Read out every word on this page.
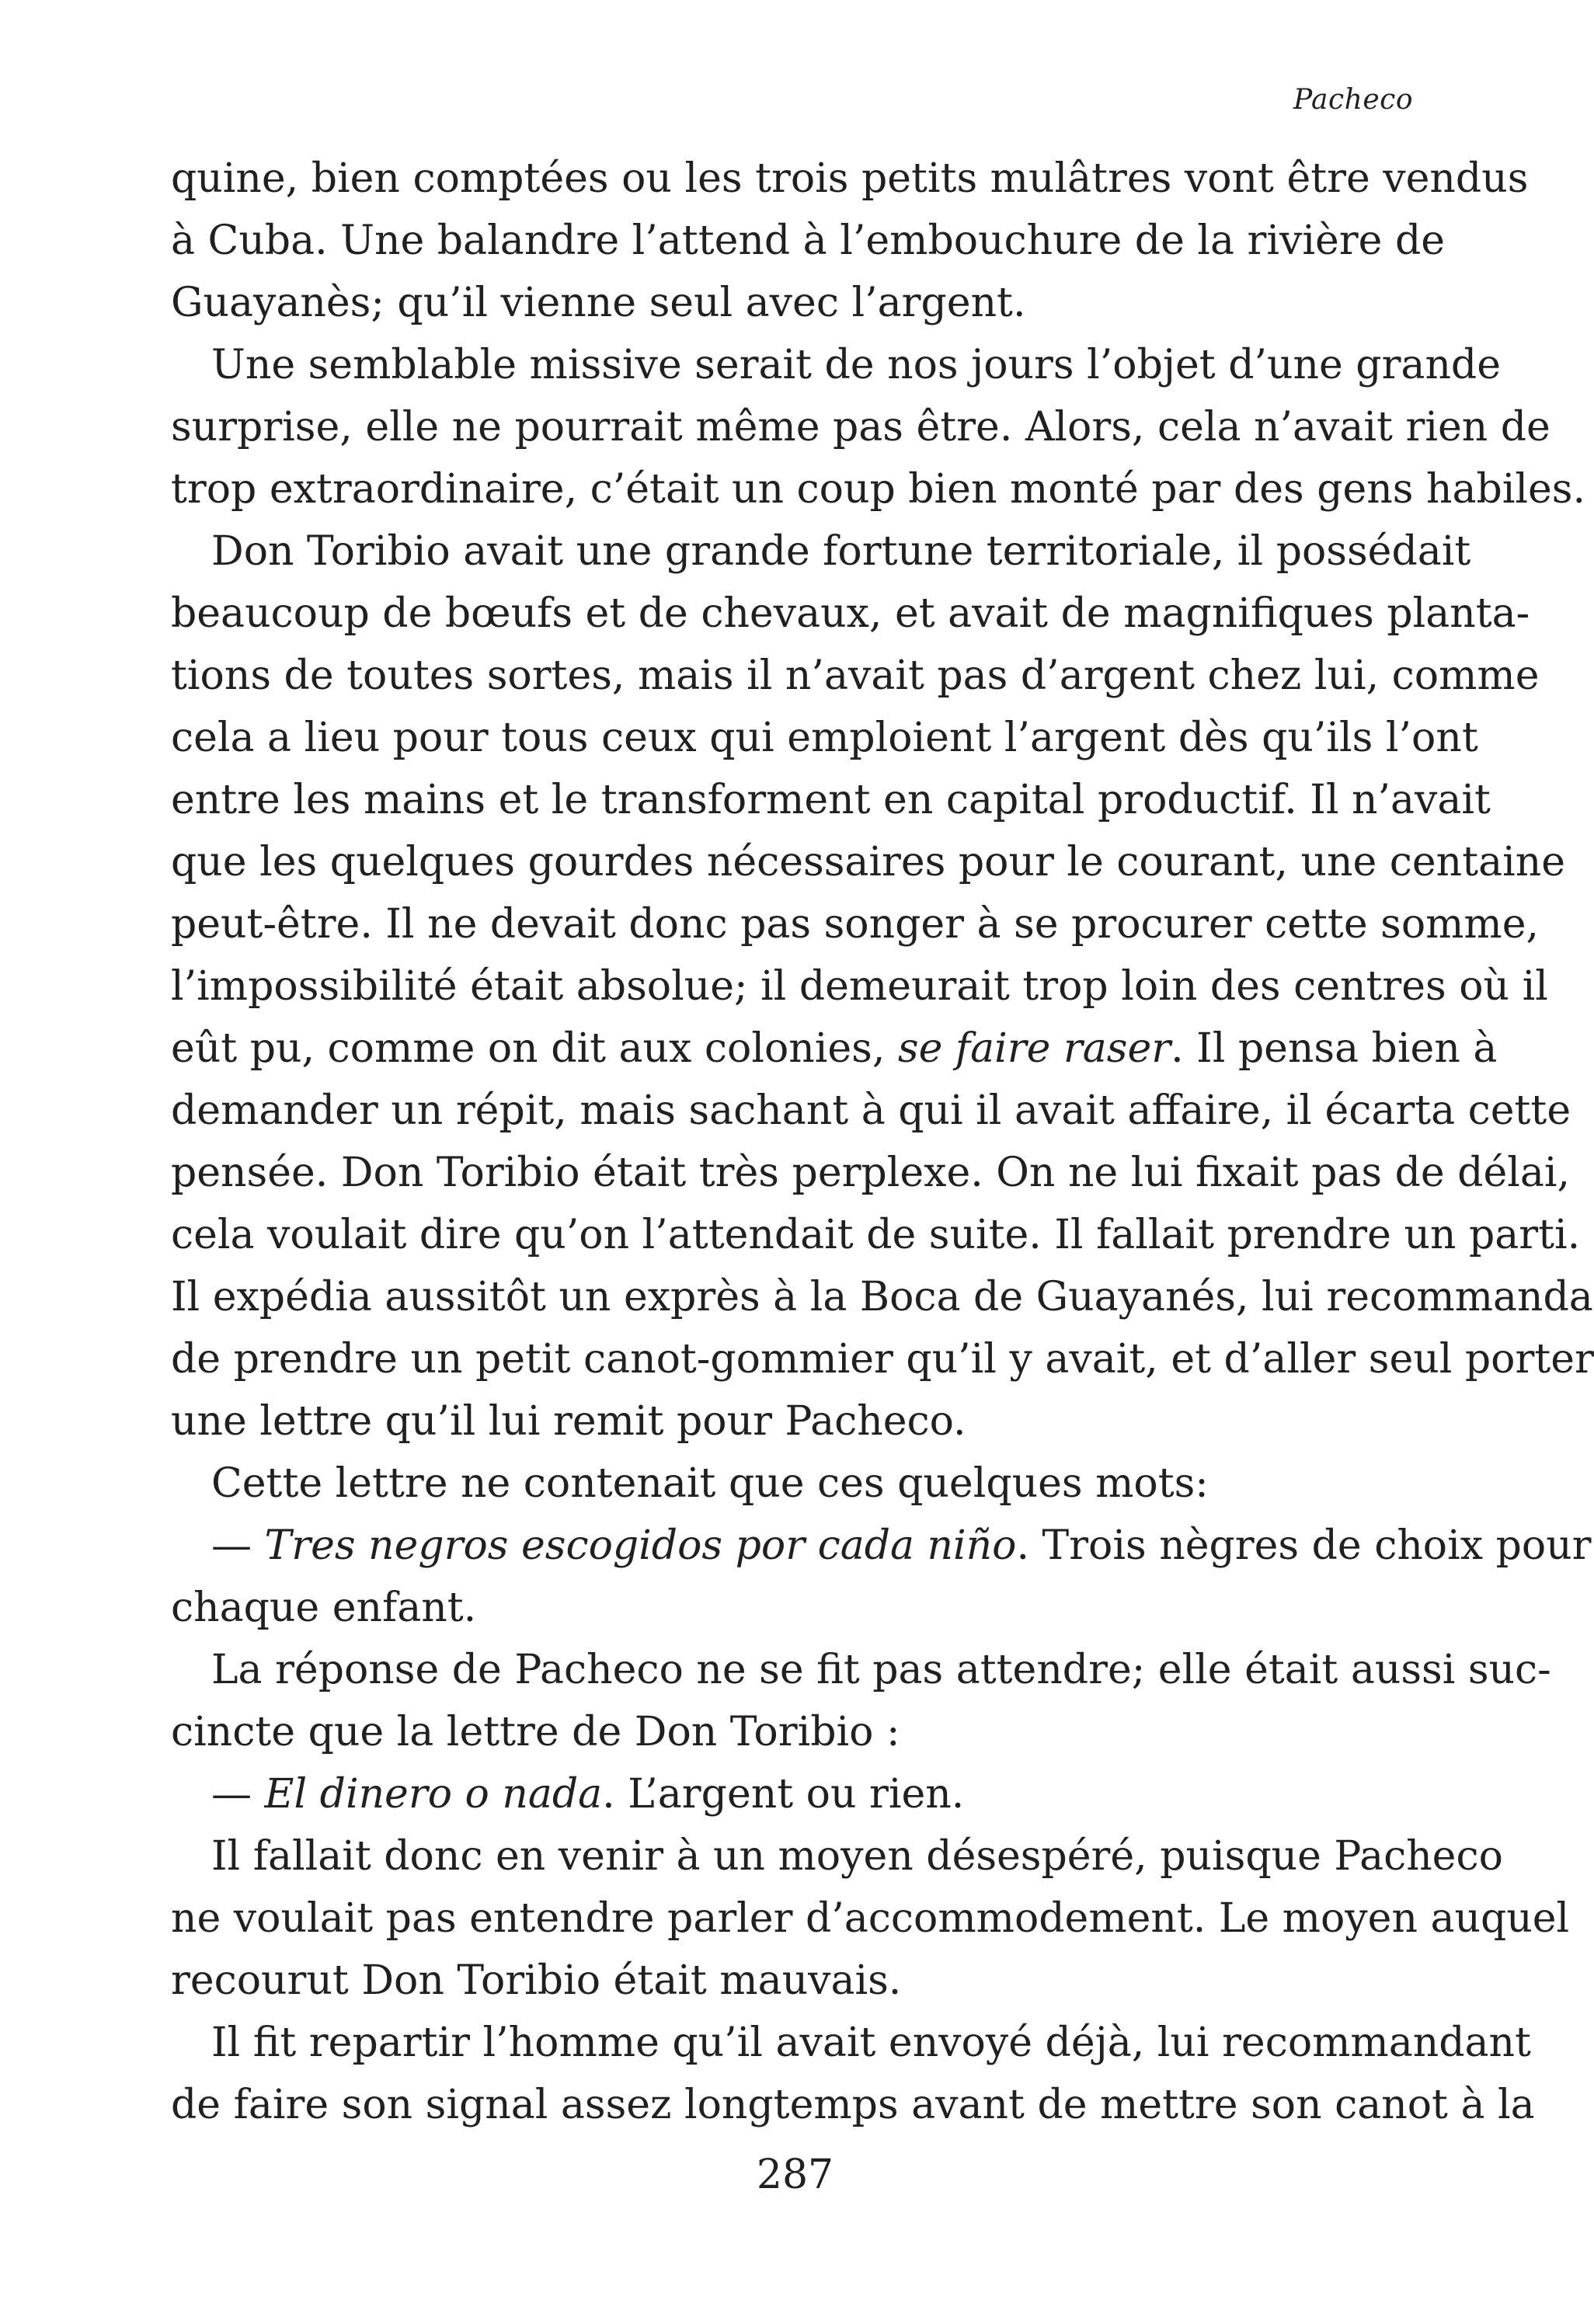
Pacheco
quine, bien comptées ou les trois petits mulâtres vont être vendus
à Cuba. Une balandre l’attend à l’embouchure de la rivière de
Guayanès; qu’il vienne seul avec l’argent.
Une semblable missive serait de nos jours l’objet d’une grande
surprise, elle ne pourrait même pas être. Alors, cela n’avait rien de
trop extraordinaire, c’était un coup bien monté par des gens habiles.
Don Toribio avait une grande fortune territoriale, il possédait
beaucoup de bœufs et de chevaux, et avait de magnifiques planta-
tions de toutes sortes, mais il n’avait pas d’argent chez lui, comme
cela a lieu pour tous ceux qui emploient l’argent dès qu’ils l’ont
entre les mains et le transforment en capital productif. Il n’avait
que les quelques gourdes nécessaires pour le courant, une centaine
peut-être. Il ne devait donc pas songer à se procurer cette somme,
l’impossibilité était absolue; il demeurait trop loin des centres où il
eût pu, comme on dit aux colonies, se faire raser. Il pensa bien à
demander un répit, mais sachant à qui il avait affaire, il écarta cette
pensée. Don Toribio était très perplexe. On ne lui fixait pas de délai,
cela voulait dire qu’on l’attendait de suite. Il fallait prendre un parti.
Il expédia aussitôt un exprès à la Boca de Guayanés, lui recommanda
de prendre un petit canot-gommier qu’il y avait, et d’aller seul porter
une lettre qu’il lui remit pour Pacheco.
Cette lettre ne contenait que ces quelques mots:
— Tres negros escogidos por cada niño. Trois nègres de choix pour
chaque enfant.
La réponse de Pacheco ne se fit pas attendre; elle était aussi suc-
cincte que la lettre de Don Toribio :
— El dinero o nada. L’argent ou rien.
Il fallait donc en venir à un moyen désespéré, puisque Pacheco
ne voulait pas entendre parler d’accommodement. Le moyen auquel
recourut Don Toribio était mauvais.
Il fit repartir l’homme qu’il avait envoyé déjà, lui recommandant
de faire son signal assez longtemps avant de mettre son canot à la
287
